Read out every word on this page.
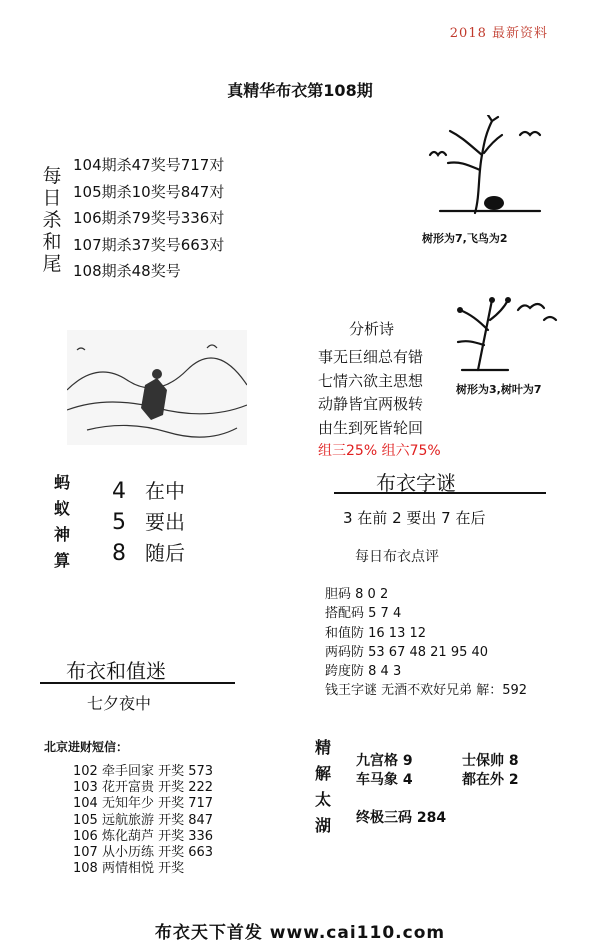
2018 最新资料
真精华布衣第108期
每
日
杀
和
尾
104期杀47奖号717对
105期杀10奖号847对
106期杀79奖号336对
107期杀37奖号663对
108期杀48奖号
树形为7,飞鸟为2
树形为3,树叶为7
分析诗
事无巨细总有错
七情六欲主思想
动静皆宜两极转
由生到死皆轮回
组三25% 组六75%
蚂
蚁
神
算
4
5
8
在中
要出
随后
布衣字谜
3 在前 2 要出 7 在后
每日布衣点评
胆码 8 0 2
搭配码 5 7 4
和值防 16 13 12
两码防 53 67 48 21 95 40
跨度防 8 4 3
钱王字谜 无酒不欢好兄弟 解：592
布衣和值迷
七夕夜中
北京进财短信：
102 牵手回家 开奖 573
103 花开富贵 开奖 222
104 无知年少 开奖 717
105 远航旅游 开奖 847
106 炼化葫芦 开奖 336
107 从小历练 开奖 663
108 两情相悦 开奖
精
解
太
湖
九宫格 9	士保帅 8
车马象 4	都在外 2
终极三码 284
布衣天下首发 www.cai110.com
